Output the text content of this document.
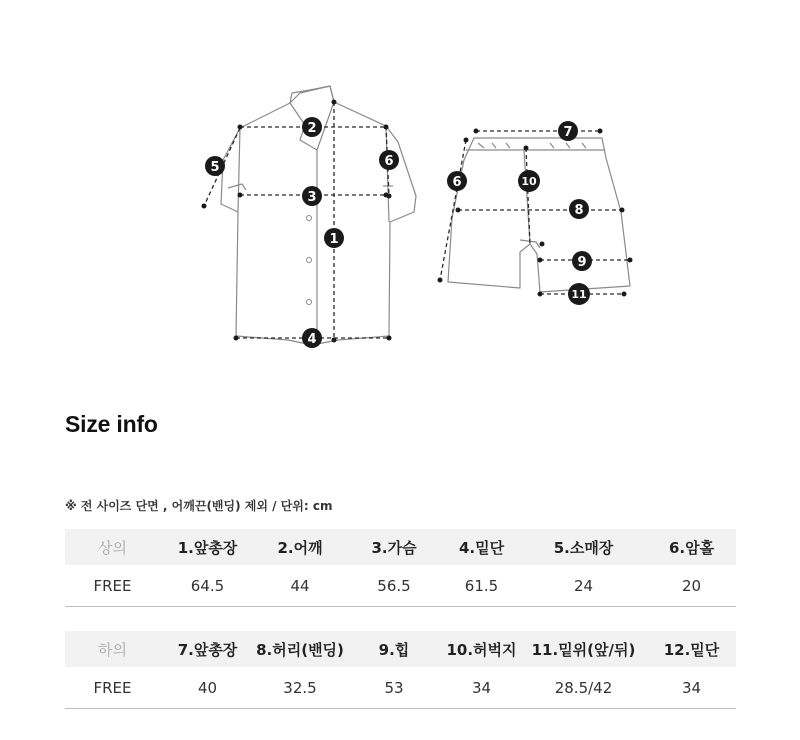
1
2
3
4
5	6
6
7
8
9
10
11
Size info
※ 전 사이즈 단면 , 어깨끈(밴딩) 제외 / 단위: cm
상의	1.앞총장	2.어깨	3.가슴	4.밑단	5.소매장	6.암홀
FREE	64.5	44	56.5	61.5	24	20
하의	7.앞총장	8.허리(밴딩)	9.힙	10.허벅지	11.밑위(앞/뒤)	12.밑단
FREE	40	32.5	53	34	28.5/42	34
